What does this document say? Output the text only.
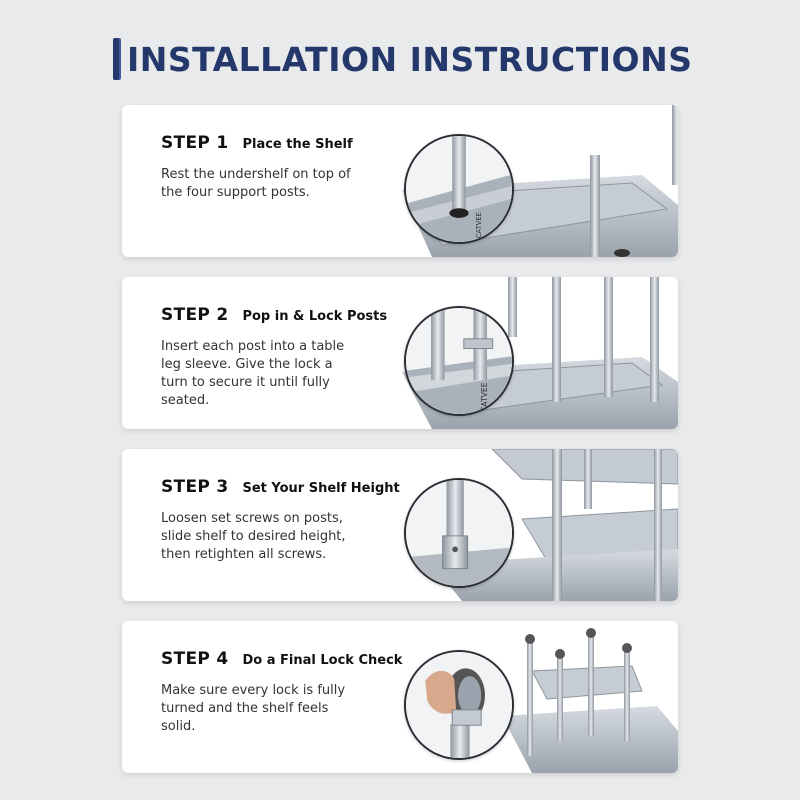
INSTALLATION INSTRUCTIONS
STEP 1 Place the Shelf

Rest the undershelf on top of the four support posts.

CATVEE
STEP 2 Pop in & Lock Posts

Insert each post into a table leg sleeve. Give the lock a turn to secure it until fully seated.	CATVEE
STEP 3 Set Your Shelf Height

Loosen set screws on posts, slide shelf to desired height, then retighten all screws.

STEP 4 Do a Final Lock Check

Make sure every lock is fully turned and the shelf feels solid.
